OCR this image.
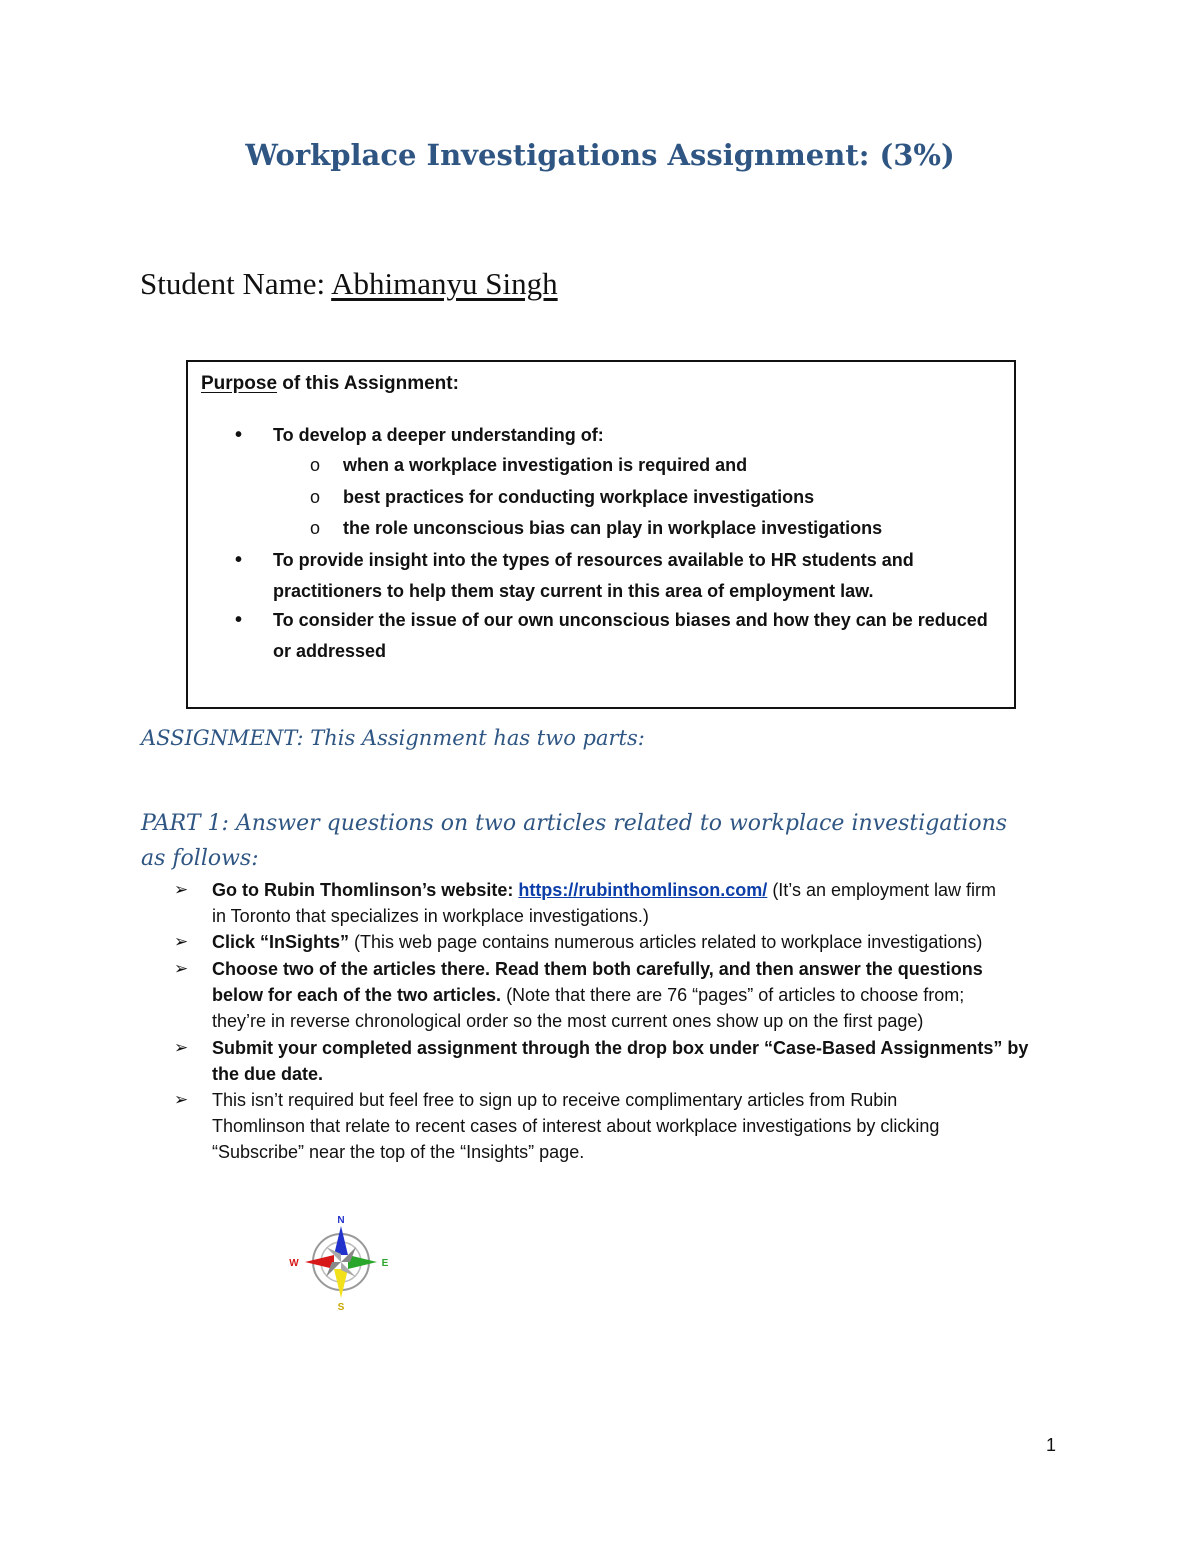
Workplace Investigations Assignment: (3%)
Student Name: Abhimanyu Singh
Purpose of this Assignment:
• To develop a deeper understanding of:
o when a workplace investigation is required and
o best practices for conducting workplace investigations
o the role unconscious bias can play in workplace investigations
• To provide insight into the types of resources available to HR students and
practitioners to help them stay current in this area of employment law.
• To consider the issue of our own unconscious biases and how they can be reduced
or addressed
ASSIGNMENT: This Assignment has two parts:
PART 1: Answer questions on two articles related to workplace investigations as follows:
➢ Go to Rubin Thomlinson’s website: https://rubinthomlinson.com/ (It’s an employment law firm
in Toronto that specializes in workplace investigations.)
➢ Click “InSights” (This web page contains numerous articles related to workplace investigations)
➢ Choose two of the articles there. Read them both carefully, and then answer the questions
below for each of the two articles. (Note that there are 76 “pages” of articles to choose from;
they’re in reverse chronological order so the most current ones show up on the first page)
➢ Submit your completed assignment through the drop box under “Case-Based Assignments” by
the due date.
➢ This isn’t required but feel free to sign up to receive complimentary articles from Rubin
Thomlinson that relate to recent cases of interest about workplace investigations by clicking
“Subscribe” near the top of the “Insights” page.
N
S
E
W
1
